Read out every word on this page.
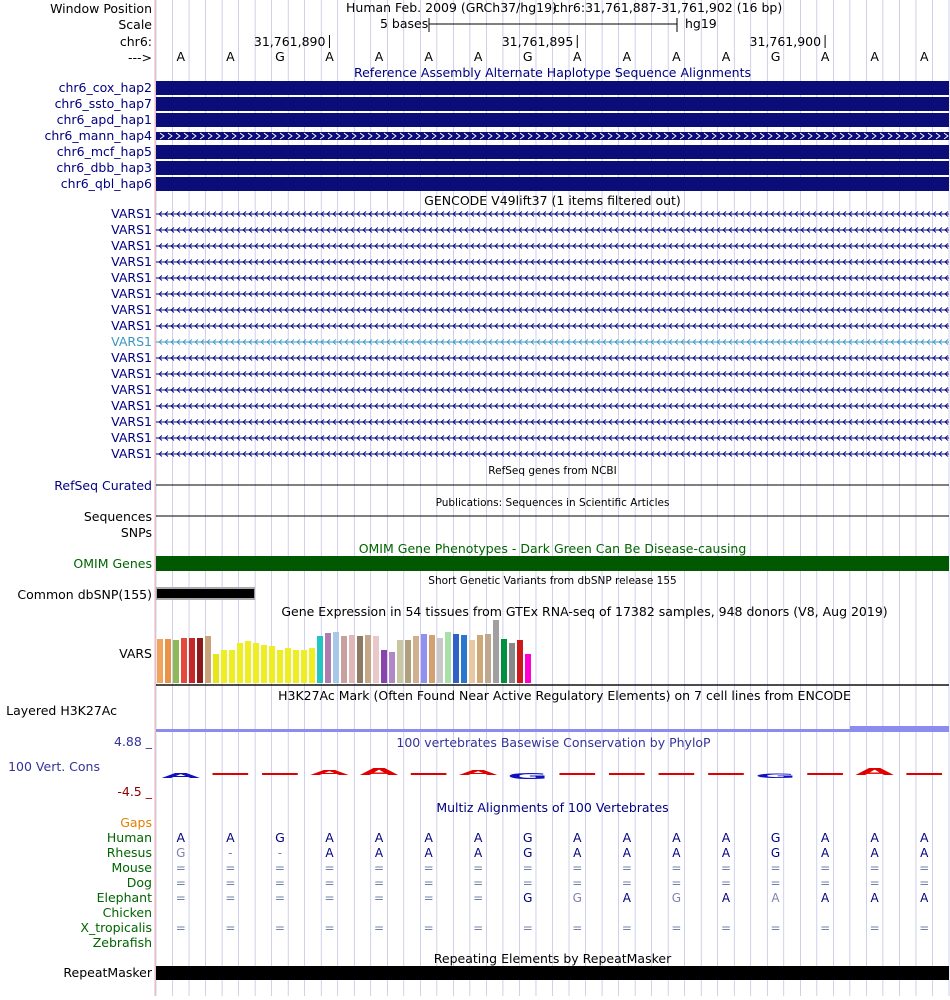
Window Position	Human Feb. 2009 (GRCh37/hg19)
chr6:31,761,887-31,761,902 (16 bp)
Scale	5 bases	hg19
chr6:	31,761,890	31,761,895	31,761,900
---> A	A	G	A	A	A	A	G	A	A	A	A	G	A	A	A
Reference Assembly Alternate Haplotype Sequence Alignments
chr6_cox_hap2
chr6_ssto_hap7
chr6_apd_hap1
chr6_mann_hap4
chr6_mcf_hap5
chr6_dbb_hap3
chr6_qbl_hap6
GENCODE V49lift37 (1 items filtered out)
VARS1
VARS1
VARS1
VARS1
VARS1
VARS1
VARS1
VARS1
VARS1
VARS1
VARS1
VARS1
VARS1
VARS1
VARS1
VARS1
RefSeq genes from NCBI
RefSeq Curated
Publications: Sequences in Scientific Articles
Sequences
SNPs
OMIM Gene Phenotypes - Dark Green Can Be Disease-causing
OMIM Genes
Short Genetic Variants from dbSNP release 155
Common dbSNP(155)
Gene Expression in 54 tissues from GTEx RNA-seq of 17382 samples, 948 donors (V8, Aug 2019)
VARS
H3K27Ac Mark (Often Found Near Active Regulatory Elements) on 7 cell lines from ENCODE
Layered H3K27Ac
4.88 _	100 vertebrates Basewise Conservation by PhyloP
100 Vert. Cons
-4.5 _
A	A A	A G	G	A
Multiz Alignments of 100 Vertebrates
Gaps
Human A	A	G	A	A	A	A	G	A	A	A	A	G	A	A	A
Rhesus G	-	-	A	A	A	A	G	A	A	A	A	G	A	A	A
Mouse =	=	=	=	=	=	=	=	=	=	=	=	=	=	=	=
Dog =	=	=	=	=	=	=	=	=	=	=	=	=	=	=	=
Elephant =	=	=	=	=	=	=	G	G	A	G	A	A	A	A	A
Chicken
X_tropicalis =	=	=	=	=	=	=	=	=	=	=	=	=	=	=	=
Zebrafish
Repeating Elements by RepeatMasker
RepeatMasker
